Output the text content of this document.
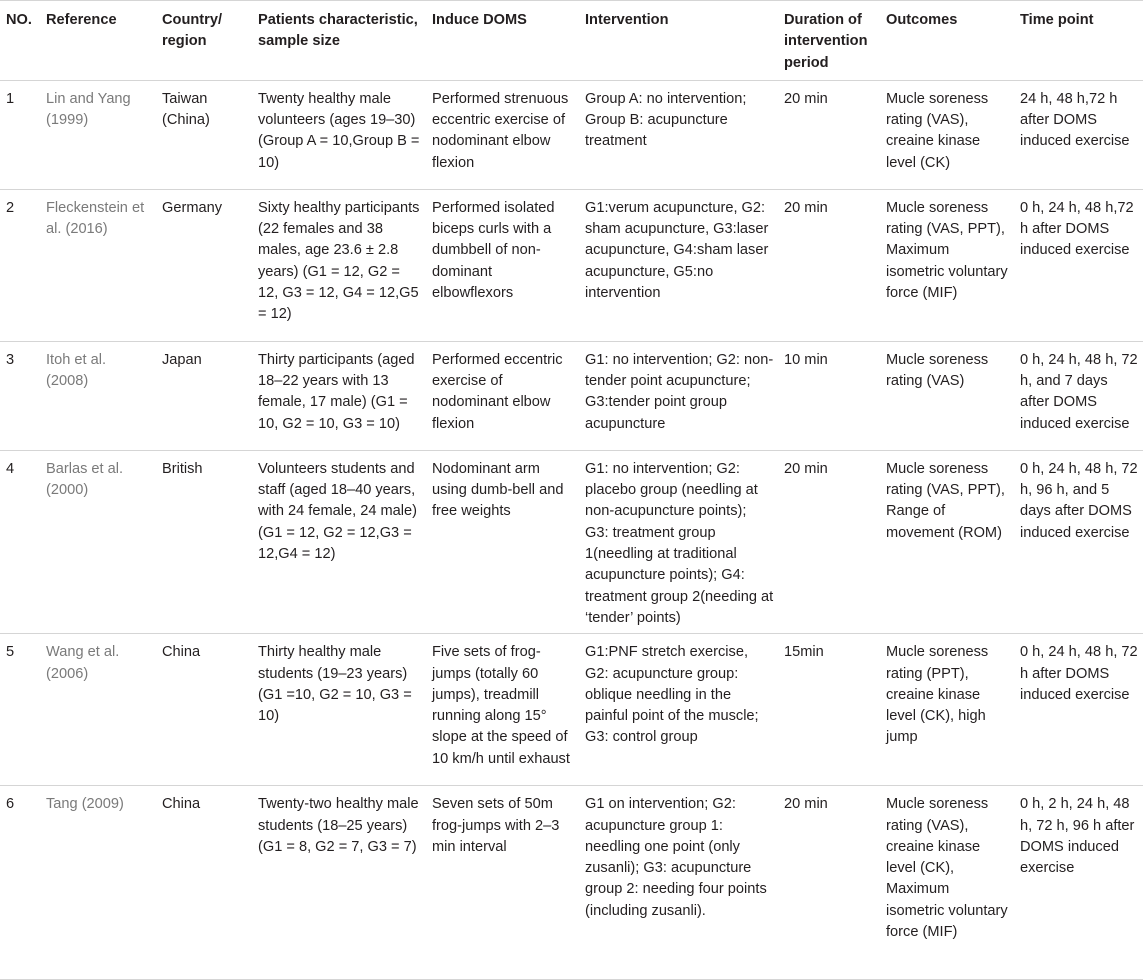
NO.	Reference	Country/ region	Patients characteristic, sample size	Induce DOMS	Intervention	Duration of intervention period	Outcomes	Time point
1	Lin and Yang (1999)	Taiwan (China)	Twenty healthy male volunteers (ages 19–30) (Group A = 10,Group B = 10)	Performed strenuous eccentric exercise of nodominant elbow flexion	Group A: no intervention; Group B: acupuncture treatment	20 min	Mucle soreness rating (VAS), creaine kinase level (CK)	24 h, 48 h,72 h after DOMS induced exercise
2	Fleckenstein et al. (2016)	Germany	Sixty healthy participants (22 females and 38 males, age 23.6 ± 2.8 years) (G1 = 12, G2 = 12, G3 = 12, G4 = 12,G5 = 12)	Performed isolated biceps curls with a dumbbell of non-dominant elbowflexors	G1:verum acupuncture, G2: sham acupuncture, G3:laser acupuncture, G4:sham laser acupuncture, G5:no intervention	20 min	Mucle soreness rating (VAS, PPT), Maximum isometric voluntary force (MIF)	0 h, 24 h, 48 h,72 h after DOMS induced exercise
3	Itoh et al. (2008)	Japan	Thirty participants (aged 18–22 years with 13 female, 17 male) (G1 = 10, G2 = 10, G3 = 10)	Performed eccentric exercise of nodominant elbow flexion	G1: no intervention; G2: non-tender point acupuncture; G3:tender point group acupuncture	10 min	Mucle soreness rating (VAS)	0 h, 24 h, 48 h, 72 h, and 7 days after DOMS induced exercise
4	Barlas et al. (2000)	British	Volunteers students and staff (aged 18–40 years, with 24 female, 24 male) (G1 = 12, G2 = 12,G3 = 12,G4 = 12)	Nodominant arm using dumb-bell and free weights	G1: no intervention; G2: placebo group (needling at non-acupuncture points); G3: treatment group 1(needling at traditional acupuncture points); G4: treatment group 2(needing at ‘tender’ points)	20 min	Mucle soreness rating (VAS, PPT), Range of movement (ROM)	0 h, 24 h, 48 h, 72 h, 96 h, and 5 days after DOMS induced exercise
5	Wang et al. (2006)	China	Thirty healthy male students (19–23 years) (G1 =10, G2 = 10, G3 = 10)	Five sets of frog-jumps (totally 60 jumps), treadmill running along 15° slope at the speed of 10 km/h until exhaust	G1:PNF stretch exercise, G2: acupuncture group: oblique needling in the painful point of the muscle; G3: control group	15min	Mucle soreness rating (PPT), creaine kinase level (CK), high jump	0 h, 24 h, 48 h, 72 h after DOMS induced exercise
6	Tang (2009)	China	Twenty-two healthy male students (18–25 years) (G1 = 8, G2 = 7, G3 = 7)	Seven sets of 50m frog-jumps with 2–3 min interval	G1 on intervention; G2: acupuncture group 1: needling one point (only zusanli); G3: acupuncture group 2: needing four points (including zusanli).	20 min	Mucle soreness rating (VAS), creaine kinase level (CK), Maximum isometric voluntary force (MIF)	0 h, 2 h, 24 h, 48 h, 72 h, 96 h after DOMS induced exercise
